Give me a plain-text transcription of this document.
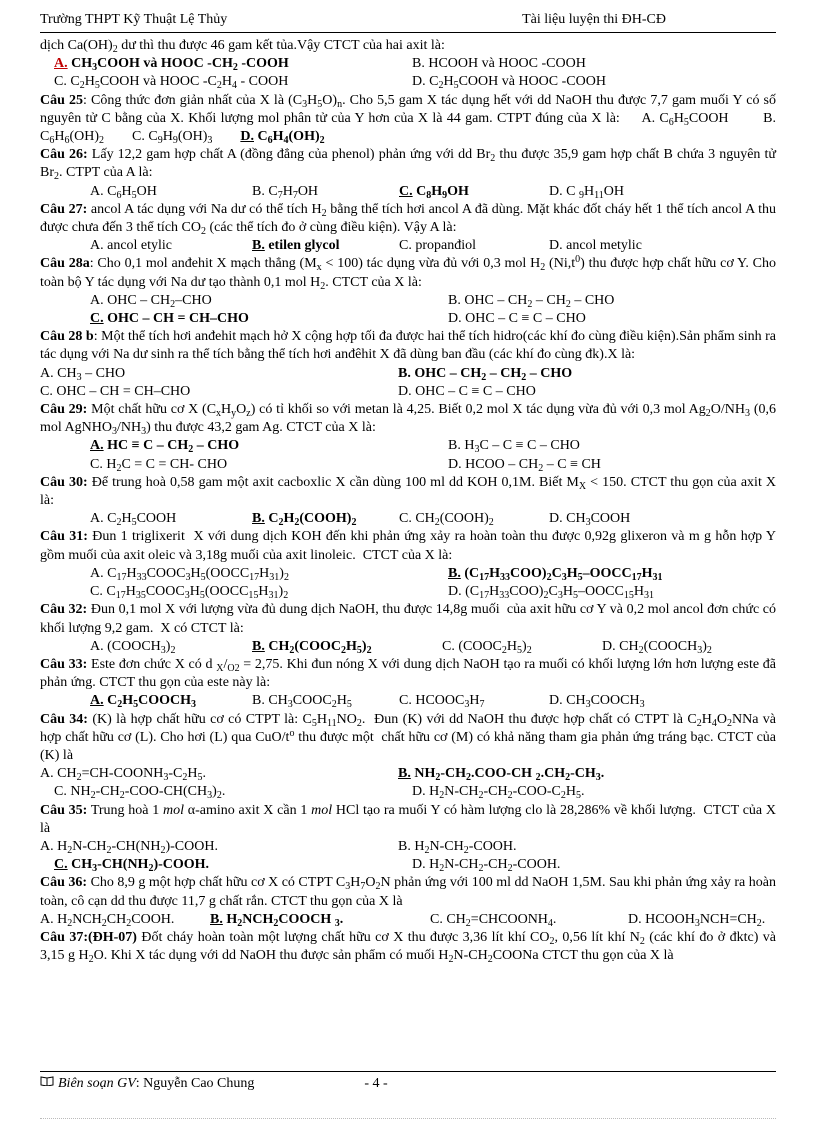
Trường THPT Kỹ Thuật Lệ Thủy	Tài liệu luyện thi ĐH-CĐ
dịch $Ca(OH)_2$ dư thì thu được 46 gam kết tủa.Vậy CTCT của hai axit là:
A. $CH_3COOH$ và HOOC $-CH_2$ -COOH	B. HCOOH và HOOC -COOH
C. $C_2H_5COOH$ và HOOC $-C_2H_4$ - COOH	D. $C_2H_5COOH$ và HOOC -COOH
Câu 25: Công thức đơn giản nhất của X là $(C_3H_5O)_n$. Cho 5,5 gam X tác dụng hết với dd NaOH thu được 7,7 gam muối Y có số nguyên tử C bằng của X. Khối lượng mol phân tử của Y hơn của X là 44 gam. CTPT đúng của X là:     A. $C_6H_5COOH$        B. $C_6H_6(OH)_2$        C. $C_9H_9(OH)_3$ D. $C_6H_4(OH)_2$
Câu 26: Lấy 12,2 gam hợp chất A (đồng đẳng của phenol) phản ứng với dd $Br_2$ thu được 35,9 gam hợp chất B chứa 3 nguyên tử $Br_2$. CTPT của A là:
A. $C_6H_5OH$	B. $C_7H_7OH$	C. $C_8H_9OH$	D. C $_9H_{11}OH$
Câu 27: ancol A tác dụng với Na dư có thể tích $H_2$ bằng thể tích hơi ancol A đã dùng. Mặt khác đốt cháy hết 1 thể tích ancol A thu được chưa đến 3 thể tích $CO_2$ (các thể tích đo ở cùng điều kiện). Vậy A là:
A. ancol etylic	B. etilen glycol	C. propanđiol	D. ancol metylic
Câu 28a: Cho 0,1 mol anđehit X mạch thẳng $(M_x < 100)$ tác dụng vừa đủ với 0,3 mol $H_2$ $(Ni,t^0)$ thu được hợp chất hữu cơ Y. Cho toàn bộ Y tác dụng với Na dư tạo thành 0,1 mol $H_2$. CTCT của X là:
A. OHC – $CH_2$–CHO	B. OHC – $CH_2 - CH_2$ – CHO
C. OHC – CH = CH–CHO	D. OHC – C ≡ C – CHO
Câu 28 b: Một thể tích hơi anđehit mạch hở X cộng hợp tối đa được hai thể tích hidro(các khí đo cùng điều kiện).Sản phẩm sinh ra tác dụng với Na dư sinh ra thể tích bằng thể tích hơi anđêhit X đã dùng ban đầu (các khí đo cùng đk).X là:
A. $CH_3$ – CHO	B. OHC – $CH_2 - CH_2$ – CHO
C. OHC – CH = CH–CHO	D. OHC – C ≡ C – CHO
Câu 29: Một chất hữu cơ X $(C_xH_yO_z)$ có tỉ khối so với metan là 4,25. Biết 0,2 mol X tác dụng vừa đủ với 0,3 mol $Ag_2O/NH_3$ (0,6 mol $AgNHO_3/NH_3$) thu được 43,2 gam Ag. CTCT của X là:
A. HC ≡ C – $CH_2$ – CHO	B. $H_3C - C \equiv C$ – CHO
C. $H_2C = C = CH-$ CHO	D. HCOO – $CH_2$ – C ≡ CH
Câu 30: Để trung hoà 0,58 gam một axit cacboxlic X cần dùng 100 ml dd KOH 0,1M. Biết $M_X < 150$. CTCT thu gọn của axit X là:
A. $C_2H_5COOH$	B. $C_2H_2(COOH)_2$	C. $CH_2(COOH)_2$	D. $CH_3COOH$
Câu 31: Đun 1 triglixerit  X với dung dịch KOH đến khi phản ứng xảy ra hoàn toàn thu được 0,92g glixeron và m g hỗn hợp Y gồm muối của axit oleic và 3,18g muối của axit linoleic.  CTCT của X là:
A. $C_{17}H_{33}COOC_3H_5(OOCC_{17}H_{31})_2$	B. $(C_{17}H_{33}COO)_2C_3H_5-OOCC_{17}H_{31}$
C. $C_{17}H_{35}COOC_3H_5(OOCC_{15}H_{31})_2$	D. $(C_{17}H_{33}COO)_2C_3H_5-OOCC_{15}H_{31}$
Câu 32: Đun 0,1 mol X với lượng vừa đủ dung dịch NaOH, thu được 14,8g muối  của axit hữu cơ Y và 0,2 mol ancol đơn chức có khối lượng 9,2 gam.  X có CTCT là:
A. $(COOCH_3)_2$	B. $CH_2(COOC_2H_5)_2$	C. $(COOC_2H_5)_2$	D. $CH_2(COOCH_3)_2$
Câu 33: Este đơn chức X có d $_X/_{O2} = 2,75$. Khi đun nóng X với dung dịch NaOH tạo ra muối có khối lượng lớn hơn lượng este đã phản ứng. CTCT thu gọn của este này là:
A. $C_2H_5COOCH_3$	B. $CH_3COOC_2H_5$	C. $HCOOC_3H_7$	D. $CH_3COOCH_3$
Câu 34: (K) là hợp chất hữu cơ có CTPT là: $C_5H_{11}NO_2$.  Đun (K) với dd NaOH thu được hợp chất có CTPT là $C_2H_4O_2NNa$ và hợp chất hữu cơ (L). Cho hơi (L) qua CuO/$t^o$ thu được một  chất hữu cơ (M) có khả năng tham gia phản ứng tráng bạc. CTCT của (K) là
A. $CH_2=CH-COONH_3-C_2H_5$.	B. $NH_2-CH_2.COO-CH$ $_2.CH_2-CH_3$.
C. $NH_2-CH_2-COO-CH(CH_3)_2$.	D. $H_2N-CH_2-CH_2-COO-C_2H_5$.
Câu 35: Trung hoà 1 mol α-amino axit X cần 1 mol HCl tạo ra muối Y có hàm lượng clo là 28,286% về khối lượng.  CTCT của X là
A. $H_2N-CH_2-CH(NH_2)$-COOH.	B. $H_2N-CH_2$-COOH.
C. $CH_3-CH(NH_2)$-COOH.	D. $H_2N-CH_2-CH_2$-COOH.
Câu 36: Cho 8,9 g một hợp chất hữu cơ X có CTPT $C_3H_7O_2N$ phản ứng với 100 ml dd NaOH 1,5M. Sau khi phản ứng xảy ra hoàn toàn, cô cạn dd thu được 11,7 g chất rắn. CTCT thu gọn của X là
A. $H_2NCH_2CH_2COOH$.	B. $H_2NCH_2COOCH$ $_3$.	C. $CH_2=CHCOONH_4$.	D. $HCOOH_3NCH=CH_2$.
Câu 37:(ĐH-07) Đốt cháy hoàn toàn một lượng chất hữu cơ X thu được 3,36 lít khí $CO_2$, 0,56 lít khí $N_2$ (các khí đo ở đktc) và 3,15 g $H_2O$. Khi X tác dụng với dd NaOH thu được sản phẩm có muối $H_2N-CH_2COONa$ CTCT thu gọn của X là
Biên soạn GV : Nguyễn Cao Chung	- 4 -
